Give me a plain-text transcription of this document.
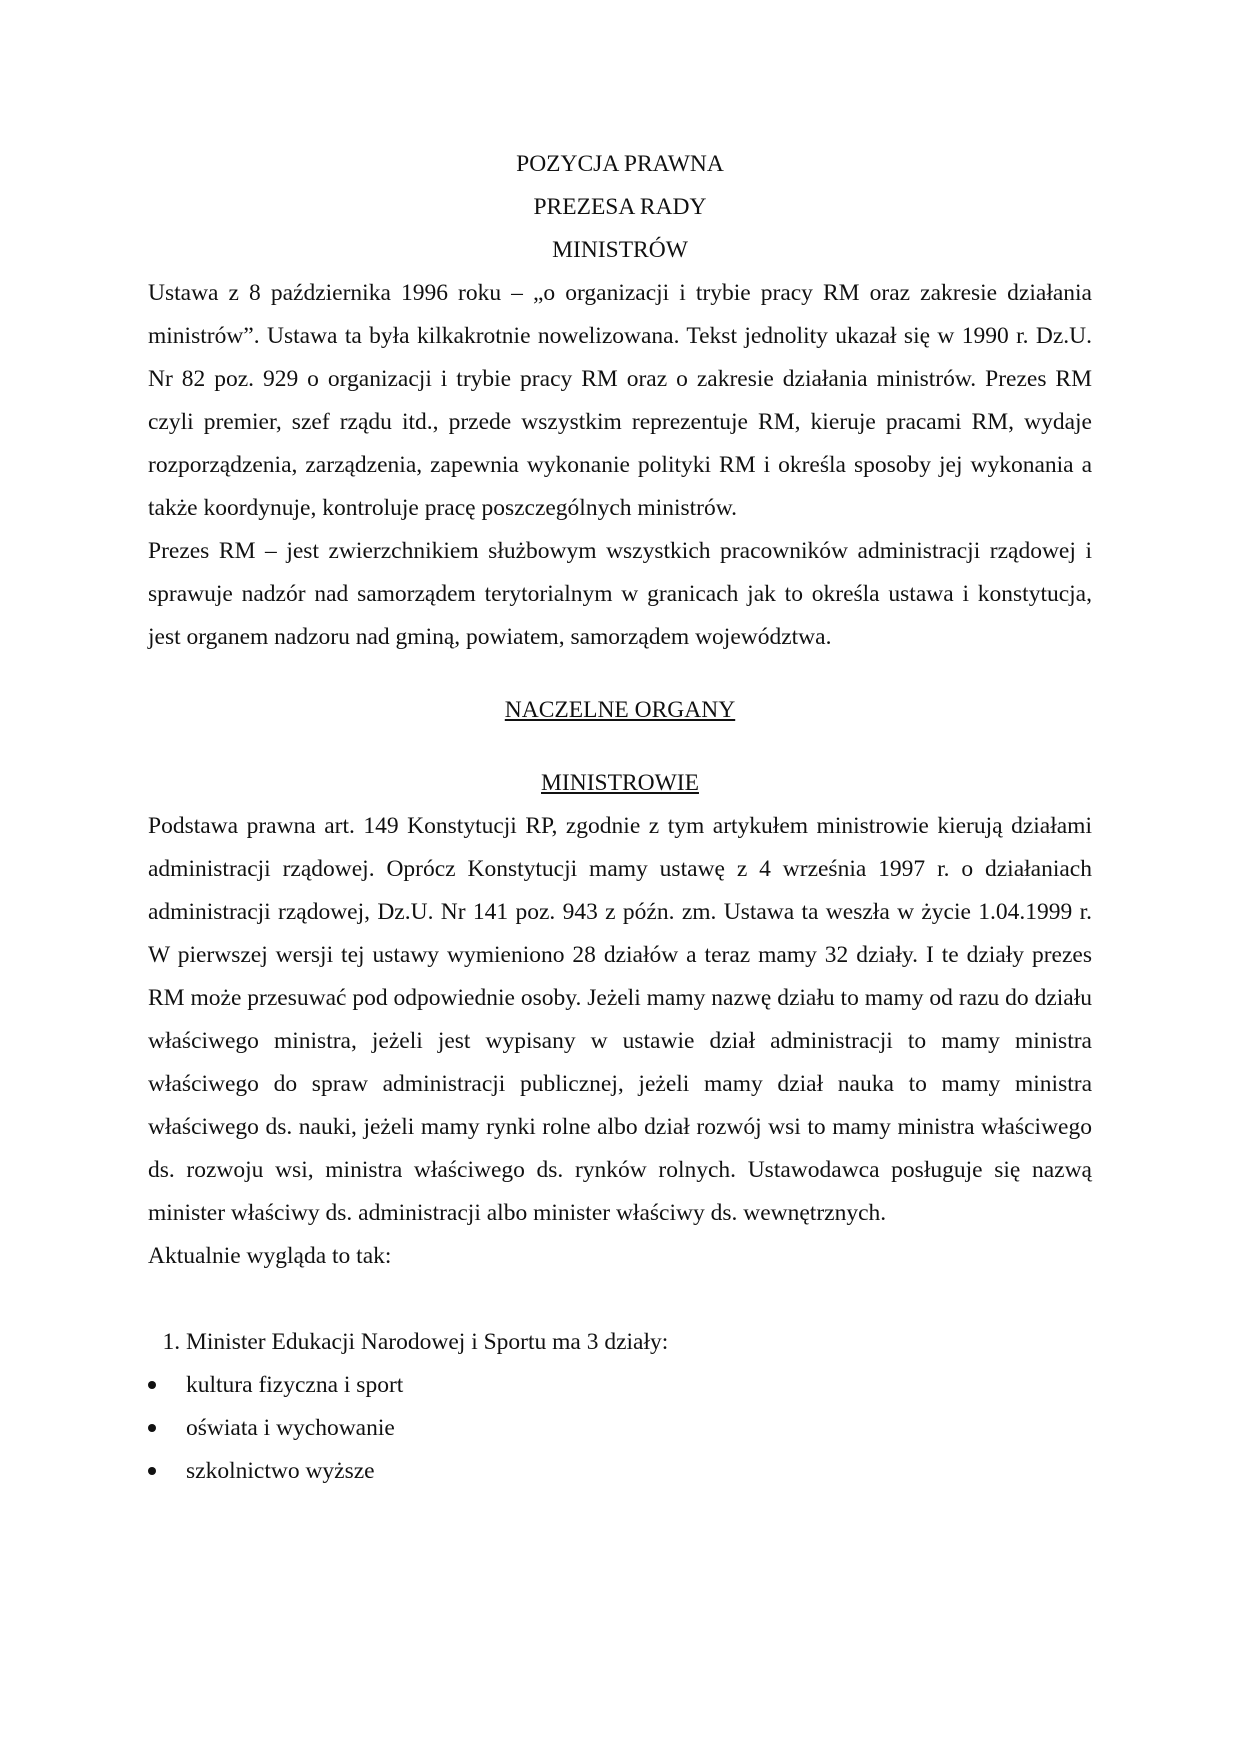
POZYCJA PRAWNA

PREZESA RADY

MINISTRÓW

Ustawa z 8 października 1996 roku – „o organizacji i trybie pracy RM oraz zakresie działania ministrów”. Ustawa ta była kilkakrotnie nowelizowana. Tekst jednolity ukazał się w 1990 r. Dz.U. Nr 82 poz. 929 o organizacji i trybie pracy RM oraz o zakresie działania ministrów. Prezes RM czyli premier, szef rządu itd., przede wszystkim reprezentuje RM, kieruje pracami RM, wydaje rozporządzenia, zarządzenia, zapewnia wykonanie polityki RM i określa sposoby jej wykonania a także koordynuje, kontroluje pracę poszczególnych ministrów.

Prezes RM – jest zwierzchnikiem służbowym wszystkich pracowników administracji rządowej i sprawuje nadzór nad samorządem terytorialnym w granicach jak to określa ustawa i konstytucja, jest organem nadzoru nad gminą, powiatem, samorządem województwa.

NACZELNE ORGANY

MINISTROWIE

Podstawa prawna art. 149 Konstytucji RP, zgodnie z tym artykułem ministrowie kierują działami administracji rządowej. Oprócz Konstytucji mamy ustawę z 4 września 1997 r. o działaniach administracji rządowej, Dz.U. Nr 141 poz. 943 z późn. zm. Ustawa ta weszła w życie 1.04.1999 r. W pierwszej wersji tej ustawy wymieniono 28 działów a teraz mamy 32 działy. I te działy prezes RM może przesuwać pod odpowiednie osoby. Jeżeli mamy nazwę działu to mamy od razu do działu właściwego ministra, jeżeli jest wypisany w ustawie dział administracji to mamy ministra właściwego do spraw administracji publicznej, jeżeli mamy dział nauka to mamy ministra właściwego ds. nauki, jeżeli mamy rynki rolne albo dział rozwój wsi to mamy ministra właściwego ds. rozwoju wsi, ministra właściwego ds. rynków rolnych. Ustawodawca posługuje się nazwą minister właściwy ds. administracji albo minister właściwy ds. wewnętrznych.

Aktualnie wygląda to tak:

1. Minister Edukacji Narodowej i Sportu ma 3 działy:
kultura fizyczna i sport
oświata i wychowanie
szkolnictwo wyższe
